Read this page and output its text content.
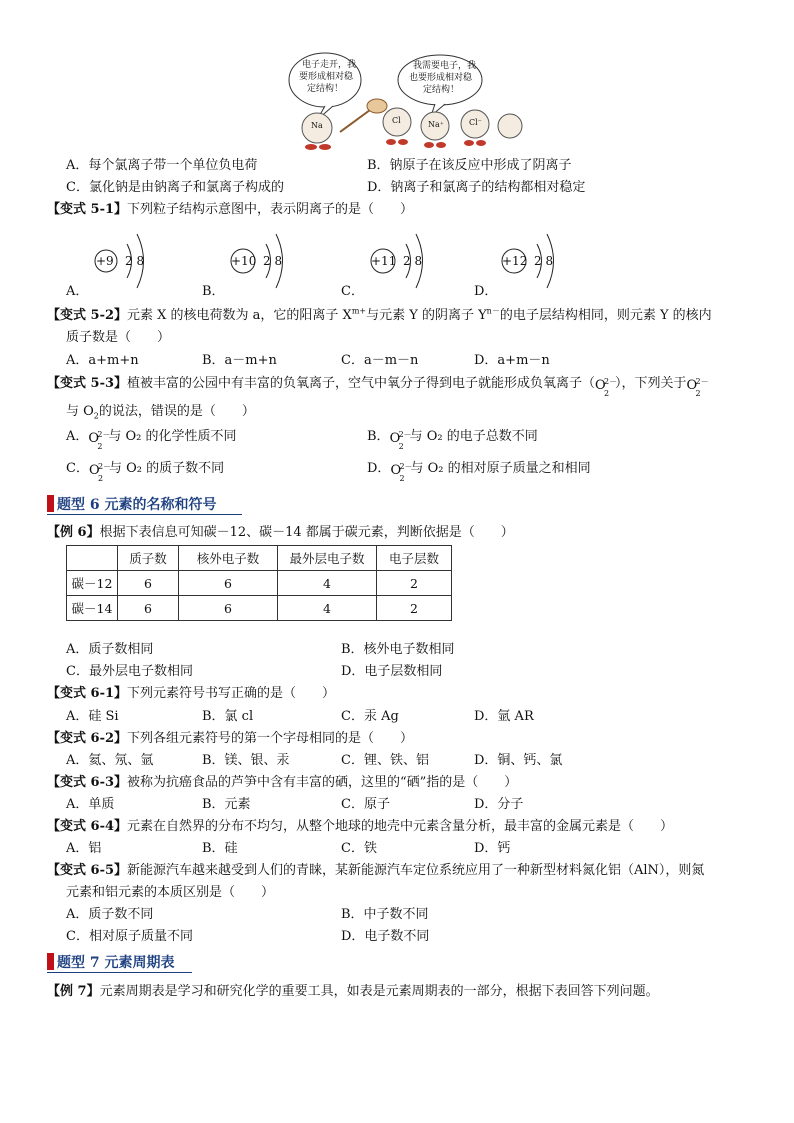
电子走开，我
要形成相对稳
定结构！
我需要电子，我
也要形成相对稳
定结构！
Na
Cl	Na⁺	Cl⁻
A．每个氯离子带一个单位负电荷	B．钠原子在该反应中形成了阴离子
C．氯化钠是由钠离子和氯离子构成的	D．钠离子和氯离子的结构都相对稳定
【变式 5-1】下列粒子结构示意图中，表示阴离子的是（　　）
+9 2 8	+10 2 8	+11 2 8	+12 2 8
A．	B．	C．	D．
【变式 5-2】元素 X 的核电荷数为 a，它的阳离子 $X^{m+}$与元素 Y 的阴离子 $Y^{n-}$的电子层结构相同，则元素 Y 的核内
质子数是（　　）
A．a+m+n	B．a－m+n	C．a－m－n	D．a+m－n
【变式 5-3】植被丰富的公园中有丰富的负氧离子，空气中氧分子得到电子就能形成负氧离子（ O
2－
2
），下列关于 O
2－
2
与 $O_2$的说法，错误的是（　　）
A． O
2－
2
与 O₂ 的化学性质不同	B． O
2－
2
与 O₂ 的电子总数不同
C． O
2－
2
与 O₂ 的质子数不同	D． O
2－
2
与 O₂ 的相对原子质量之和相同
题型 6 元素的名称和符号
【例 6】根据下表信息可知碳－12、碳－14 都属于碳元素，判断依据是（　　）
	质子数	核外电子数	最外层电子数	电子层数
碳－12	6	6	4	2
碳－14	6	6	4	2
A．质子数相同	B．核外电子数相同
C．最外层电子数相同	D．电子层数相同
【变式 6-1】下列元素符号书写正确的是（　　）
A．硅 Si	B．氯 cl	C．汞 Ag	D．氩 AR
【变式 6-2】下列各组元素符号的第一个字母相同的是（　　）
A．氦、氖、氩	B．镁、银、汞	C．锂、铁、铝	D．铜、钙、氯
【变式 6-3】被称为抗癌食品的芦笋中含有丰富的硒，这里的“硒”指的是（　　）
A．单质	B．元素	C．原子	D．分子
【变式 6-4】元素在自然界的分布不均匀，从整个地球的地壳中元素含量分析，最丰富的金属元素是（　　）
A．铝	B．硅	C．铁	D．钙
【变式 6-5】新能源汽车越来越受到人们的青睐，某新能源汽车定位系统应用了一种新型材料氮化铝（AlN），则氮
元素和铝元素的本质区别是（　　）
A．质子数不同	B．中子数不同
C．相对原子质量不同	D．电子数不同
题型 7 元素周期表
【例 7】元素周期表是学习和研究化学的重要工具，如表是元素周期表的一部分，根据下表回答下列问题。
